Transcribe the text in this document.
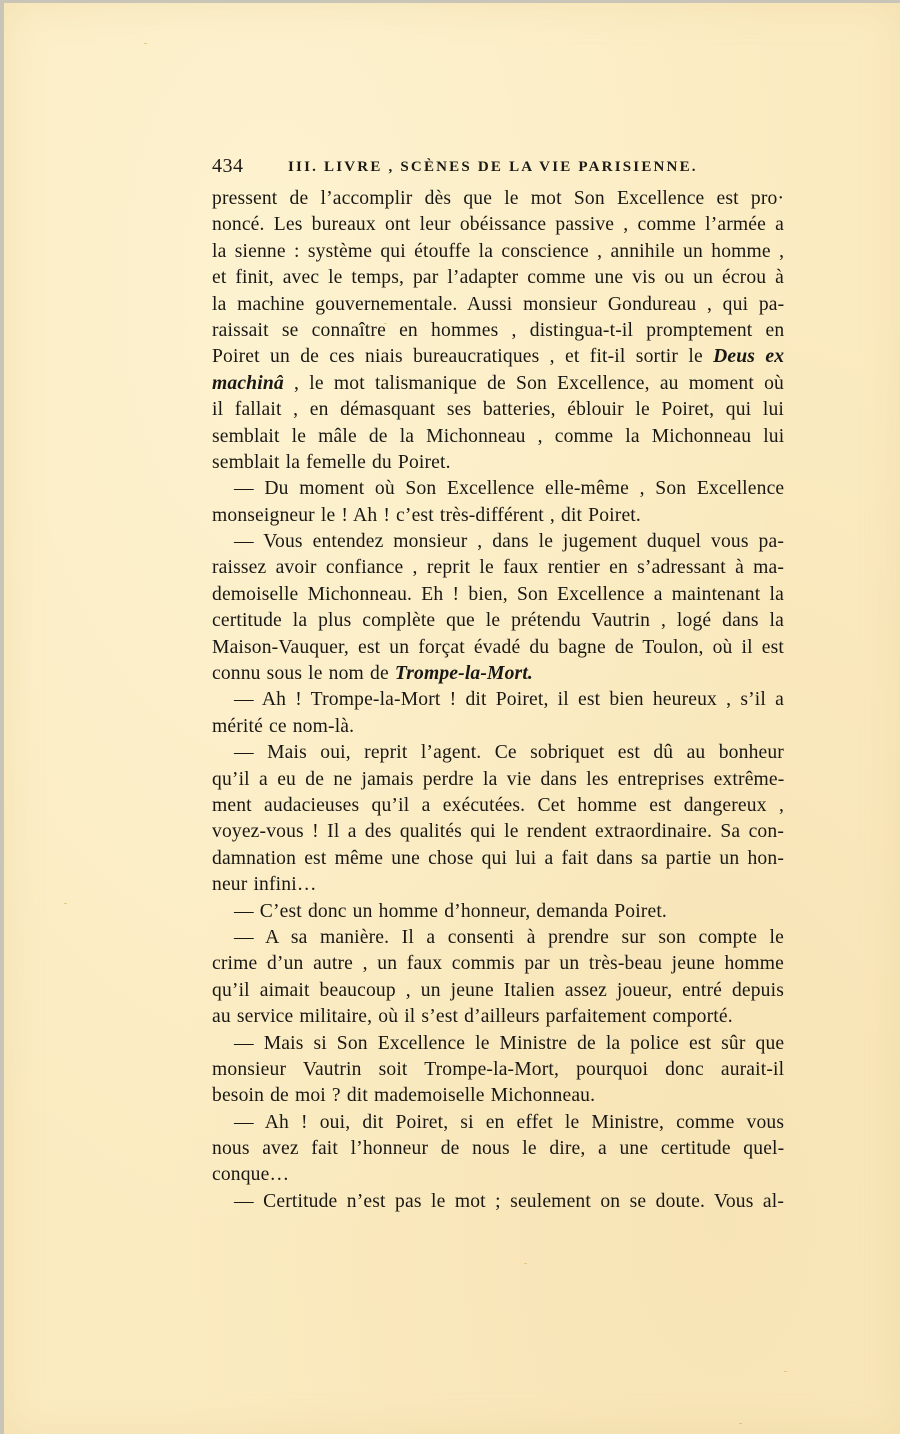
434	III. LIVRE , SCÈNES DE LA VIE PARISIENNE.
pressent de l’accomplir dès que le mot Son Excellence est pro·
noncé. Les bureaux ont leur obéissance passive , comme l’armée a
la sienne : système qui étouffe la conscience , annihile un homme ,
et finit, avec le temps, par l’adapter comme une vis ou un écrou à
la machine gouvernementale. Aussi monsieur Gondureau , qui pa-
raissait se connaître en hommes , distingua-t-il promptement en
Poiret un de ces niais bureaucratiques , et fit-il sortir le Deus ex
machinâ , le mot talismanique de Son Excellence, au moment où
il fallait , en démasquant ses batteries, éblouir le Poiret, qui lui
semblait le mâle de la Michonneau , comme la Michonneau lui
semblait la femelle du Poiret.
— Du moment où Son Excellence elle-même , Son Excellence
monseigneur le ! Ah ! c’est très-différent , dit Poiret.
— Vous entendez monsieur , dans le jugement duquel vous pa-
raissez avoir confiance , reprit le faux rentier en s’adressant à ma-
demoiselle Michonneau. Eh ! bien, Son Excellence a maintenant la
certitude la plus complète que le prétendu Vautrin , logé dans la
Maison-Vauquer, est un forçat évadé du bagne de Toulon, où il est
connu sous le nom de Trompe-la-Mort.
— Ah ! Trompe-la-Mort ! dit Poiret, il est bien heureux , s’il a
mérité ce nom-là.
— Mais oui, reprit l’agent. Ce sobriquet est dû au bonheur
qu’il a eu de ne jamais perdre la vie dans les entreprises extrême-
ment audacieuses qu’il a exécutées. Cet homme est dangereux ,
voyez-vous ! Il a des qualités qui le rendent extraordinaire. Sa con-
damnation est même une chose qui lui a fait dans sa partie un hon-
neur infini…
— C’est donc un homme d’honneur, demanda Poiret.
— A sa manière. Il a consenti à prendre sur son compte le
crime d’un autre , un faux commis par un très-beau jeune homme
qu’il aimait beaucoup , un jeune Italien assez joueur, entré depuis
au service militaire, où il s’est d’ailleurs parfaitement comporté.
— Mais si Son Excellence le Ministre de la police est sûr que
monsieur Vautrin soit Trompe-la-Mort, pourquoi donc aurait-il
besoin de moi ? dit mademoiselle Michonneau.
— Ah ! oui, dit Poiret, si en effet le Ministre, comme vous
nous avez fait l’honneur de nous le dire, a une certitude quel-
conque…
— Certitude n’est pas le mot ; seulement on se doute. Vous al-
